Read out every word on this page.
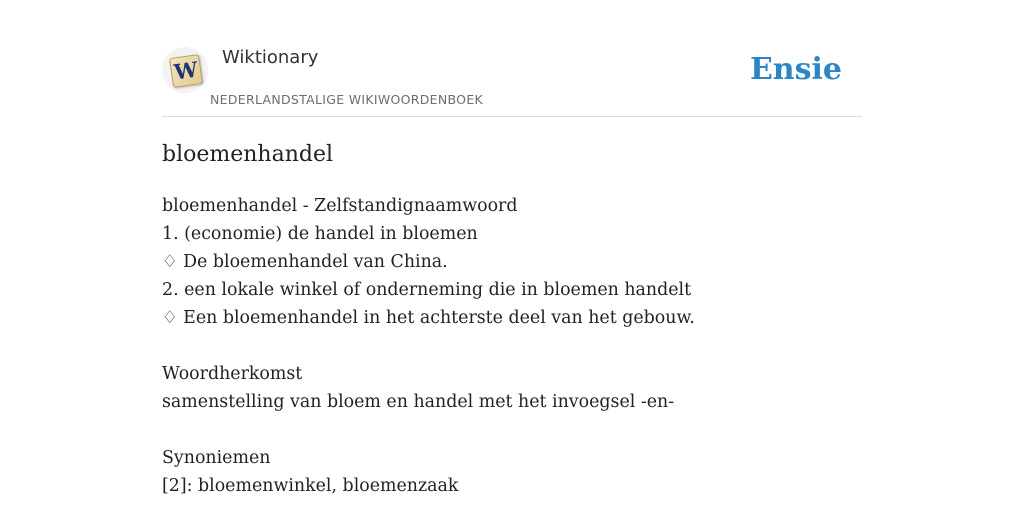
W Wiktionary
NEDERLANDSTALIGE WIKIWOORDENBOEK
Ensie
bloemenhandel
bloemenhandel - Zelfstandignaamwoord
1. (economie) de handel in bloemen
♢ De bloemenhandel van China.
2. een lokale winkel of onderneming die in bloemen handelt
♢ Een bloemenhandel in het achterste deel van het gebouw.
Woordherkomst
samenstelling van bloem en handel met het invoegsel -en-
Synoniemen
[2]: bloemenwinkel, bloemenzaak
